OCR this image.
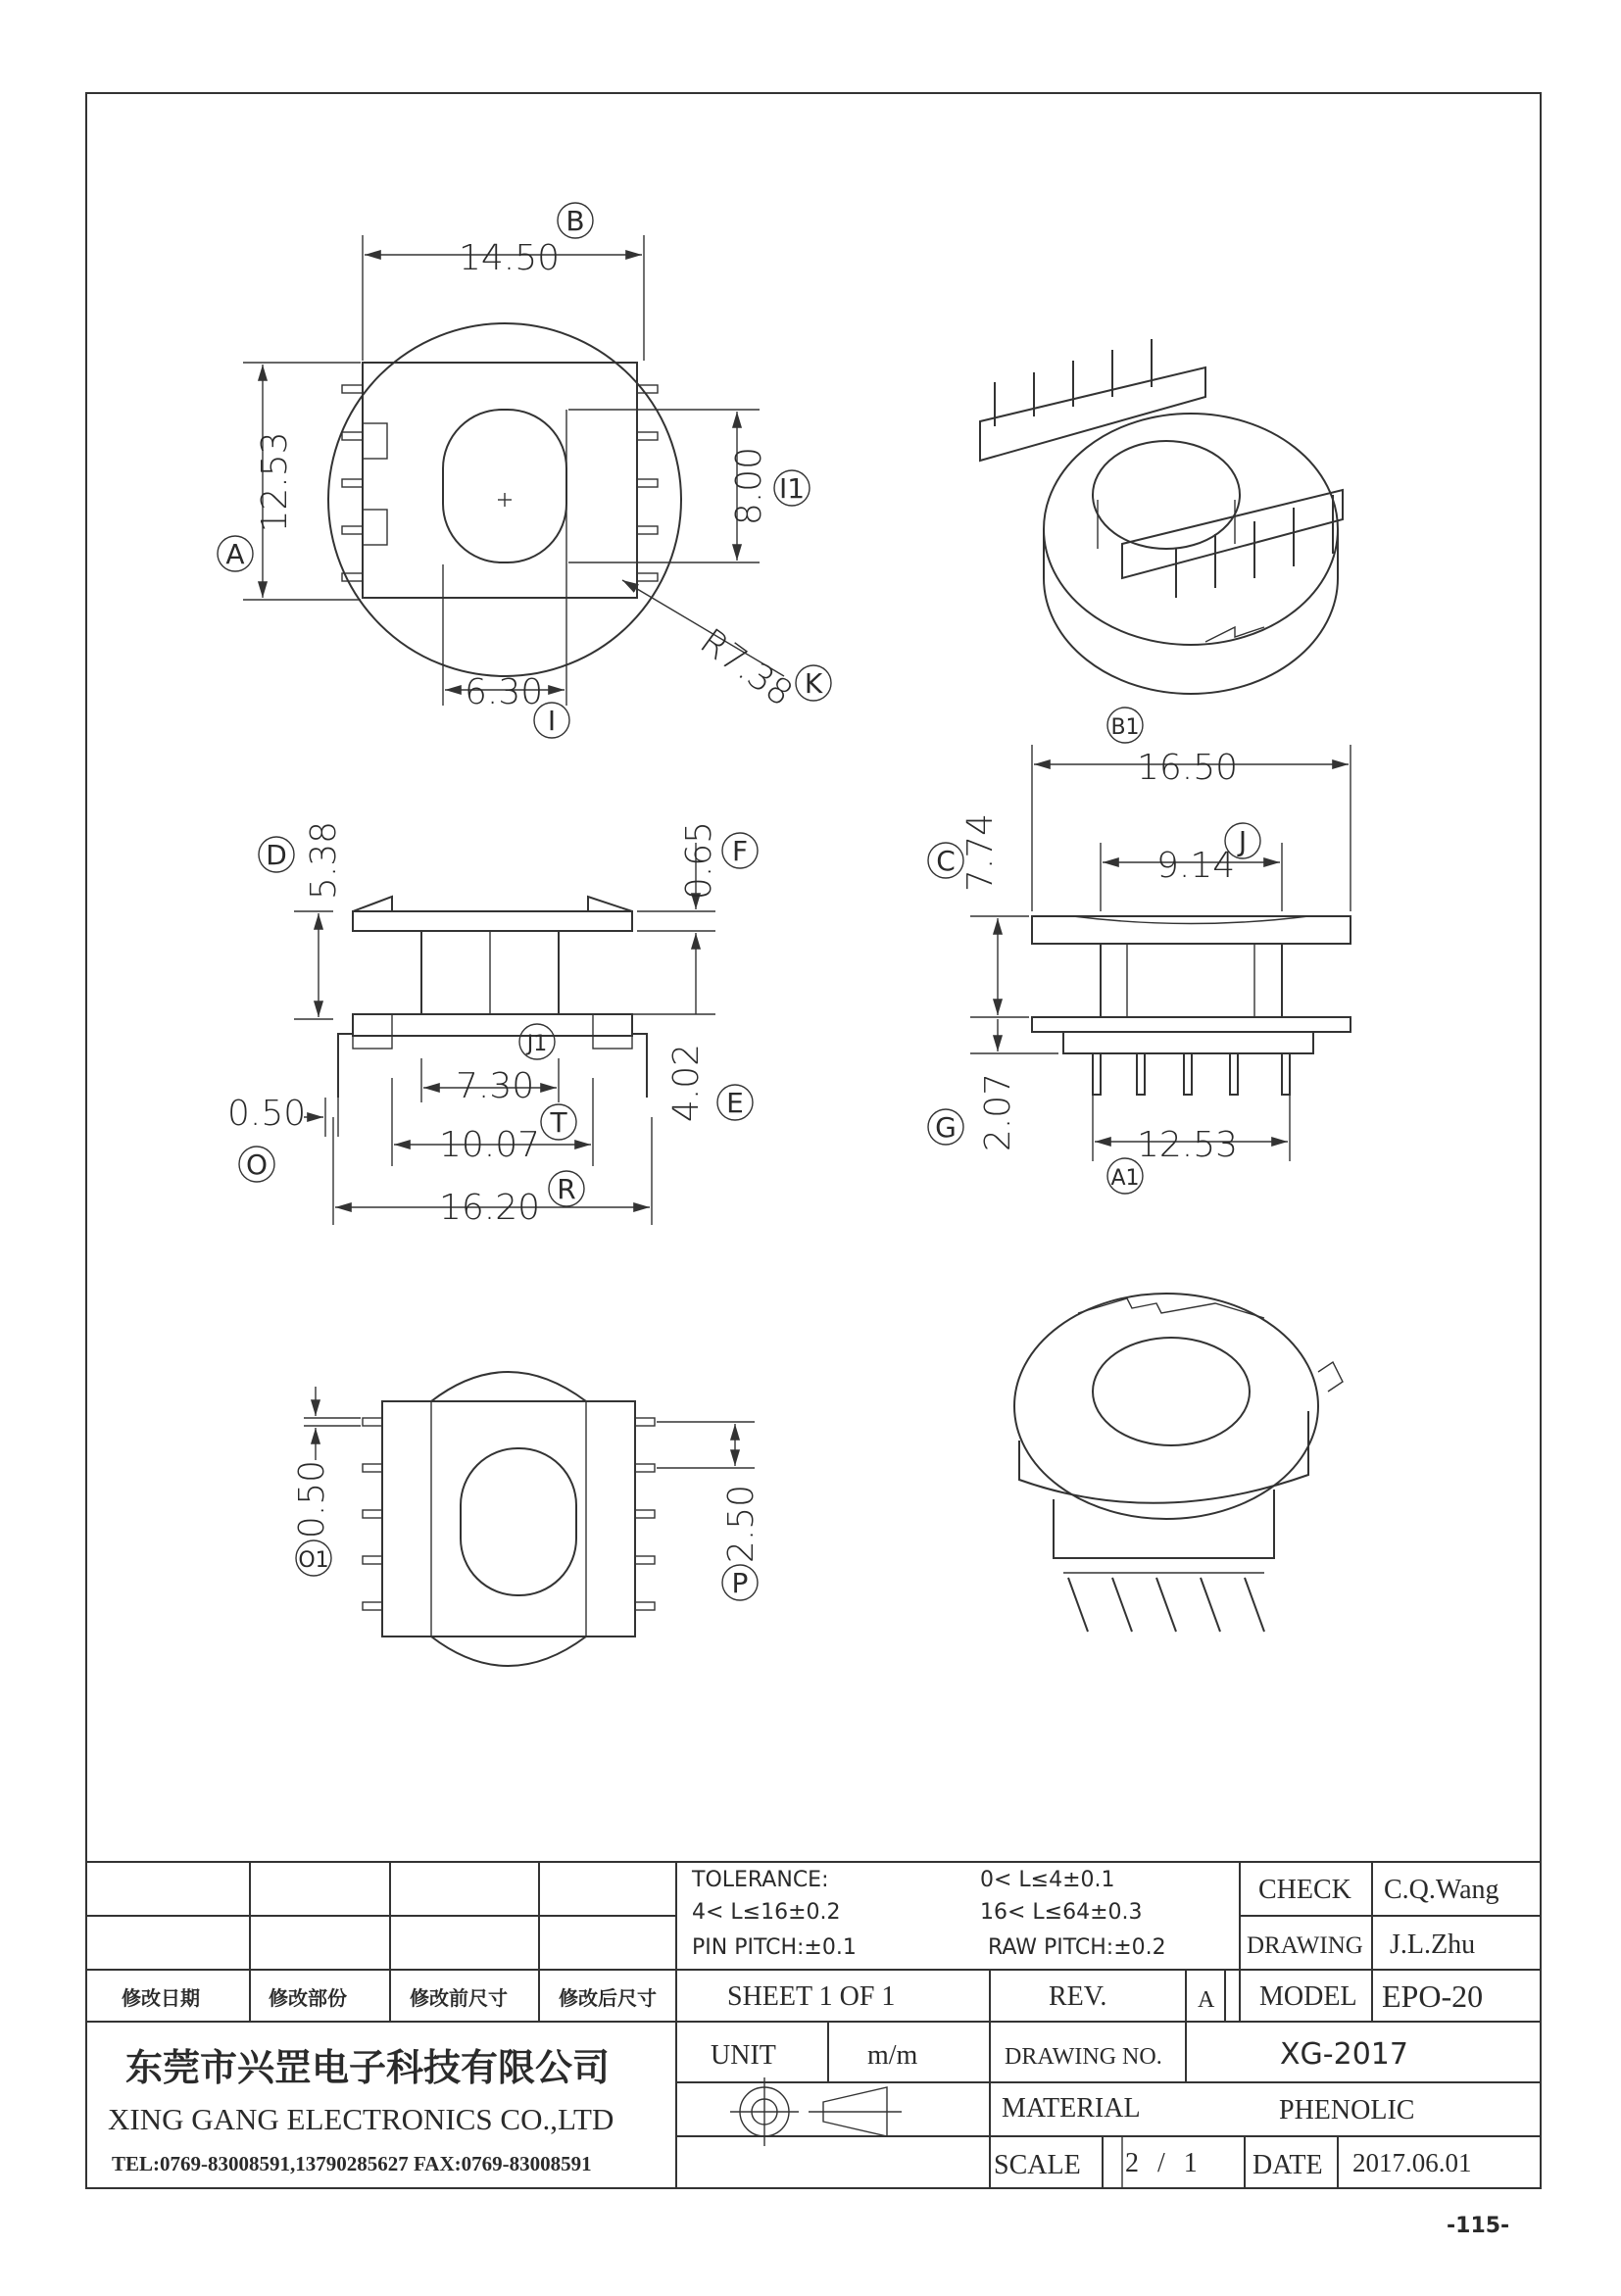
14.50
12.53	8.00
6.30	R7.38
5.38	0.65
7.30	4.02
0.50
10.07
16.20
16.50
9.14
7.74
2.07	12.53
0.50	2.50
B
A
I1
I
K
B1
J
C
G
A1
D	F
J1
E
O
T
R
O1
P
TOLERANCE:	0< L≤4±0.1
4< L≤16±0.2	16< L≤64±0.3
PIN PITCH:±0.1	RAW PITCH:±0.2
CHECK C.Q.Wang
DRAWING J.L.Zhu
修改日期	修改部份	修改前尺寸	修改后尺寸	SHEET 1 OF 1	REV.	A MODEL EPO-20
UNIT	m/m	DRAWING NO.	XG-2017
MATERIAL	PHENOLIC
SCALE 2 / 1 DATE 2017.06.01
东莞市兴罡电子科技有限公司
XING GANG ELECTRONICS CO.,LTD
TEL:0769-83008591,13790285627 FAX:0769-83008591
-115-
